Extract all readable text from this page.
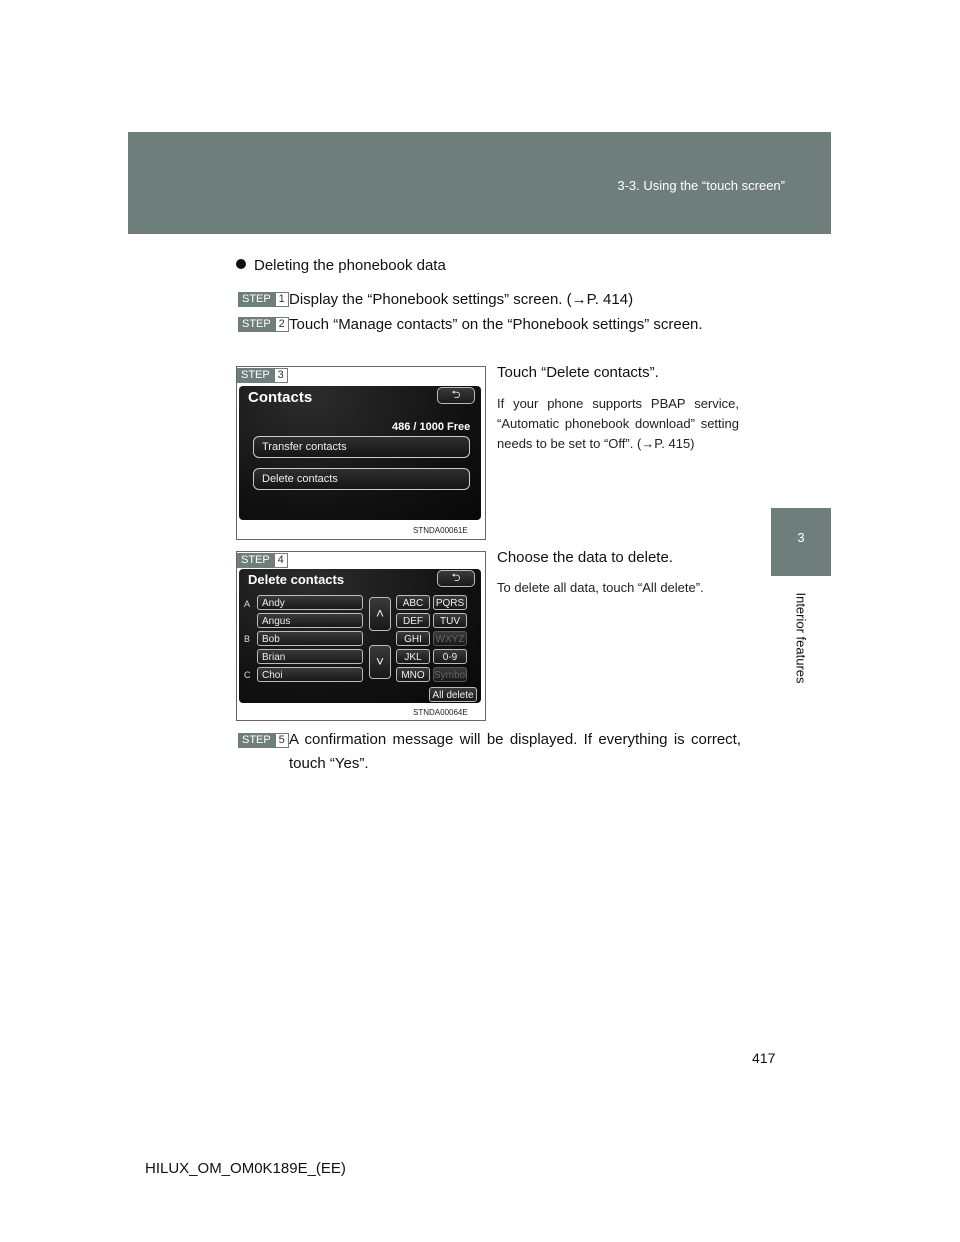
3-3. Using the “touch screen”
3
Interior features
Deleting the phonebook data
STEP 1 Display the “Phonebook settings” screen. (→P. 414)
STEP 2 Touch “Manage contacts” on the “Phonebook settings” screen.
STEP 3
Contacts	⮌
486 / 1000 Free
Transfer contacts
Delete contacts
STNDA00061E
Touch “Delete contacts”.
If your phone supports PBAP service, “Automatic phonebook download” setting needs to be set to “Off”. (→P. 415)
STEP 4
Delete contacts	⮌
A
B
C
Andy
Angus
Bob
Brian
Choi
˄
˅
ABC
DEF
GHI
JKL
MNO
PQRS
TUV
WXYZ
0-9
Symbol
All delete
STNDA00064E
Choose the data to delete.
To delete all data, touch “All delete”.
STEP 5 A confirmation message will be displayed. If everything is correct, touch “Yes”.
417
HILUX_OM_OM0K189E_(EE)
